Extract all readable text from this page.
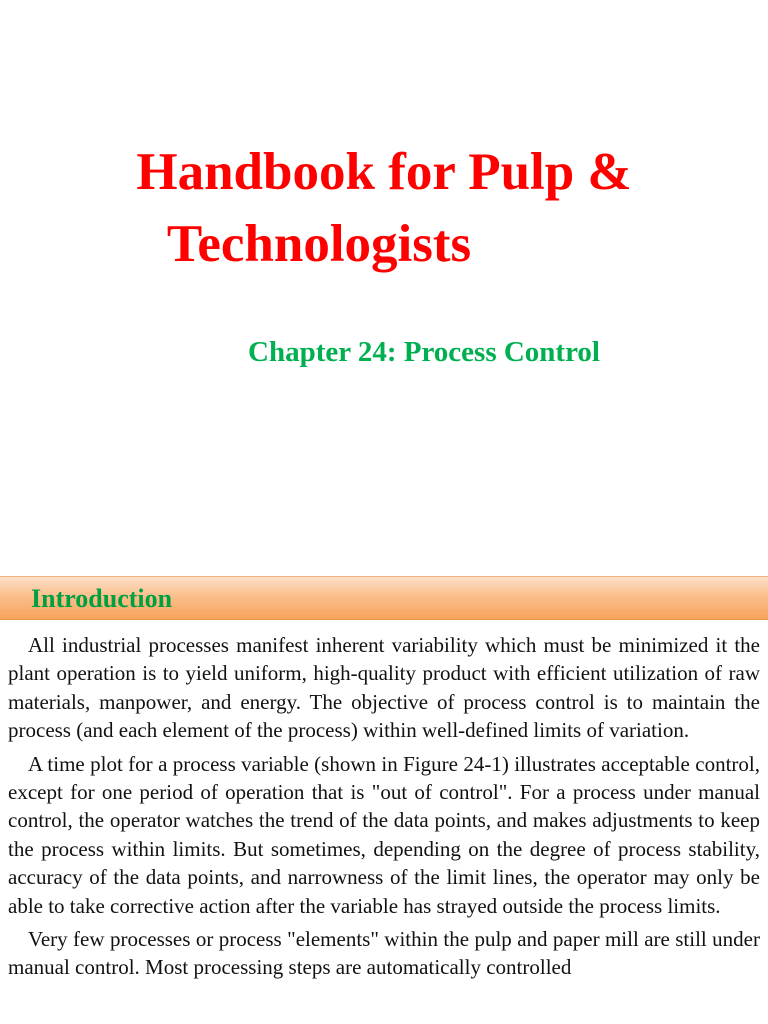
Handbook for Pulp &
Technologists
Chapter 24: Process Control
Introduction

All industrial processes manifest inherent variability which must be minimized it the plant operation is to yield uniform, high-quality product with efficient utilization of raw materials, manpower, and energy. The objective of process control is to maintain the process (and each element of the process) within well-defined limits of variation.

A time plot for a process variable (shown in Figure 24-1) illustrates acceptable control, except for one period of operation that is "out of control". For a process under manual control, the operator watches the trend of the data points, and makes adjustments to keep the process within limits. But sometimes, depending on the degree of process stability, accuracy of the data points, and narrowness of the limit lines, the operator may only be able to take corrective action after the variable has strayed outside the process limits.

Very few processes or process "elements" within the pulp and paper mill are still under manual control. Most processing steps are automatically controlled
